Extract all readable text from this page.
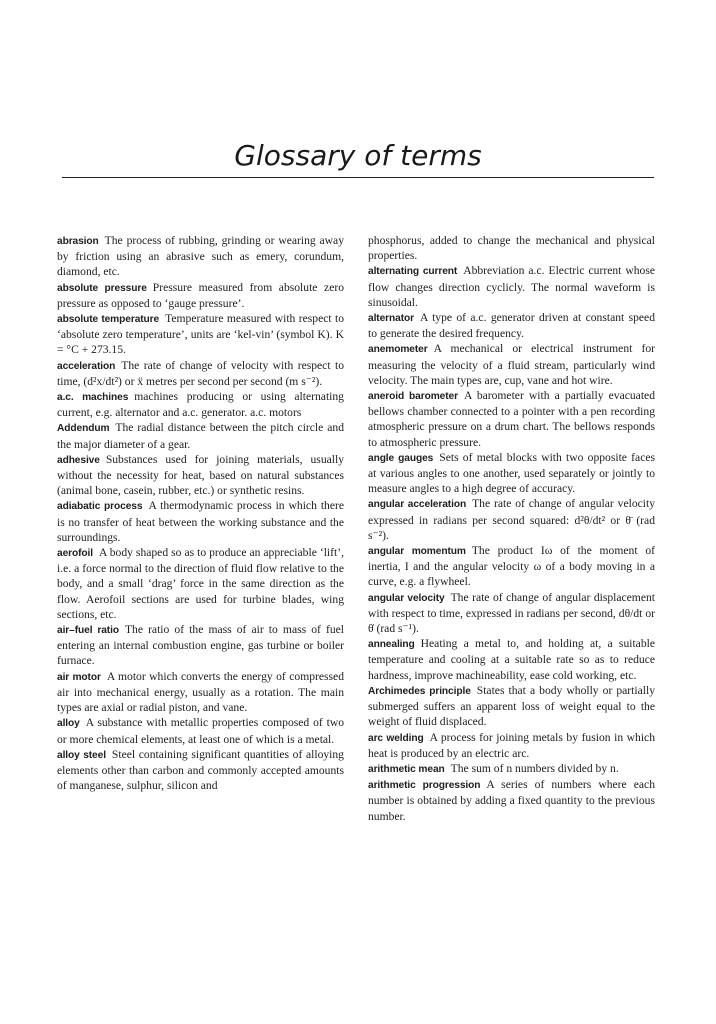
Glossary of terms

abrasion The process of rubbing, grinding or wearing away by friction using an abrasive such as emery, corundum, diamond, etc.

absolute pressure Pressure measured from absolute zero pressure as opposed to ‘gauge pressure’.

absolute temperature Temperature measured with respect to ‘absolute zero temperature’, units are ‘kel-vin’ (symbol K). K = °C + 273.15.

acceleration The rate of change of velocity with respect to time, (d²x/dt²) or ẍ metres per second per second (m s⁻²).

a.c. machines machines producing or using alternating current, e.g. alternator and a.c. generator. a.c. motors

Addendum The radial distance between the pitch circle and the major diameter of a gear.

adhesive Substances used for joining materials, usually without the necessity for heat, based on natural substances (animal bone, casein, rubber, etc.) or synthetic resins.

adiabatic process A thermodynamic process in which there is no transfer of heat between the working substance and the surroundings.

aerofoil A body shaped so as to produce an appreciable ‘lift’, i.e. a force normal to the direction of fluid flow relative to the body, and a small ‘drag’ force in the same direction as the flow. Aerofoil sections are used for turbine blades, wing sections, etc.

air–fuel ratio The ratio of the mass of air to mass of fuel entering an internal combustion engine, gas turbine or boiler furnace.

air motor A motor which converts the energy of compressed air into mechanical energy, usually as a rotation. The main types are axial or radial piston, and vane.

alloy A substance with metallic properties composed of two or more chemical elements, at least one of which is a metal.

alloy steel Steel containing significant quantities of alloying elements other than carbon and commonly accepted amounts of manganese, sulphur, silicon and

phosphorus, added to change the mechanical and physical properties.

alternating current Abbreviation a.c. Electric current whose flow changes direction cyclicly. The normal waveform is sinusoidal.

alternator A type of a.c. generator driven at constant speed to generate the desired frequency.

anemometer A mechanical or electrical instrument for measuring the velocity of a fluid stream, particularly wind velocity. The main types are, cup, vane and hot wire.

aneroid barometer A barometer with a partially evacuated bellows chamber connected to a pointer with a pen recording atmospheric pressure on a drum chart. The bellows responds to atmospheric pressure.

angle gauges Sets of metal blocks with two opposite faces at various angles to one another, used separately or jointly to measure angles to a high degree of accuracy.

angular acceleration The rate of change of angular velocity expressed in radians per second squared: d²θ/dt² or θ̈ (rad s⁻²).

angular momentum The product Iω of the moment of inertia, I and the angular velocity ω of a body moving in a curve, e.g. a flywheel.

angular velocity The rate of change of angular displacement with respect to time, expressed in radians per second, dθ/dt or θ̇ (rad s⁻¹).

annealing Heating a metal to, and holding at, a suitable temperature and cooling at a suitable rate so as to reduce hardness, improve machineability, ease cold working, etc.

Archimedes principle States that a body wholly or partially submerged suffers an apparent loss of weight equal to the weight of fluid displaced.

arc welding A process for joining metals by fusion in which heat is produced by an electric arc.

arithmetic mean The sum of n numbers divided by n.

arithmetic progression A series of numbers where each number is obtained by adding a fixed quantity to the previous number.
